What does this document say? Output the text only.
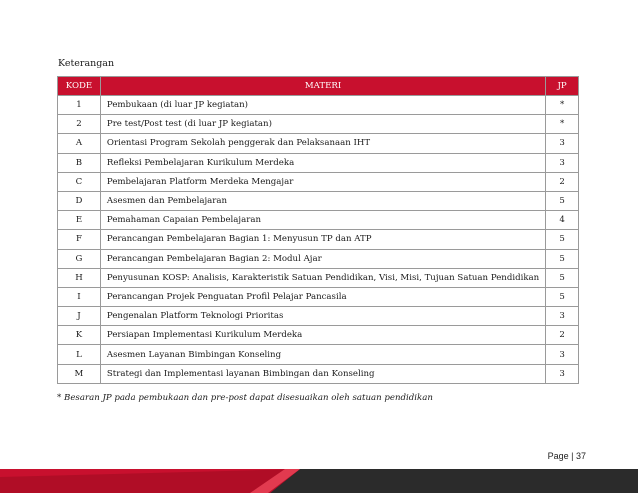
Keterangan
KODE	MATERI	JP
1	Pembukaan (di luar JP kegiatan)	*
2	Pre test/Post test (di luar JP kegiatan)	*
A	Orientasi Program Sekolah penggerak dan Pelaksanaan IHT	3
B	Refleksi Pembelajaran Kurikulum Merdeka	3
C	Pembelajaran Platform Merdeka Mengajar	2
D	Asesmen dan Pembelajaran	5
E	Pemahaman Capaian Pembelajaran	4
F	Perancangan Pembelajaran Bagian 1: Menyusun TP dan ATP	5
G	Perancangan Pembelajaran Bagian 2: Modul Ajar	5
H	Penyusunan KOSP: Analisis, Karakteristik Satuan Pendidikan, Visi, Misi, Tujuan Satuan Pendidikan	5
I	Perancangan Projek Penguatan Profil Pelajar Pancasila	5
J	Pengenalan Platform Teknologi Prioritas	3
K	Persiapan Implementasi Kurikulum Merdeka	2
L	Asesmen Layanan Bimbingan Konseling	3
M	Strategi dan Implementasi layanan Bimbingan dan Konseling	3
* Besaran JP pada pembukaan dan pre-post dapat disesuaikan oleh satuan pendidikan
Page | 37
